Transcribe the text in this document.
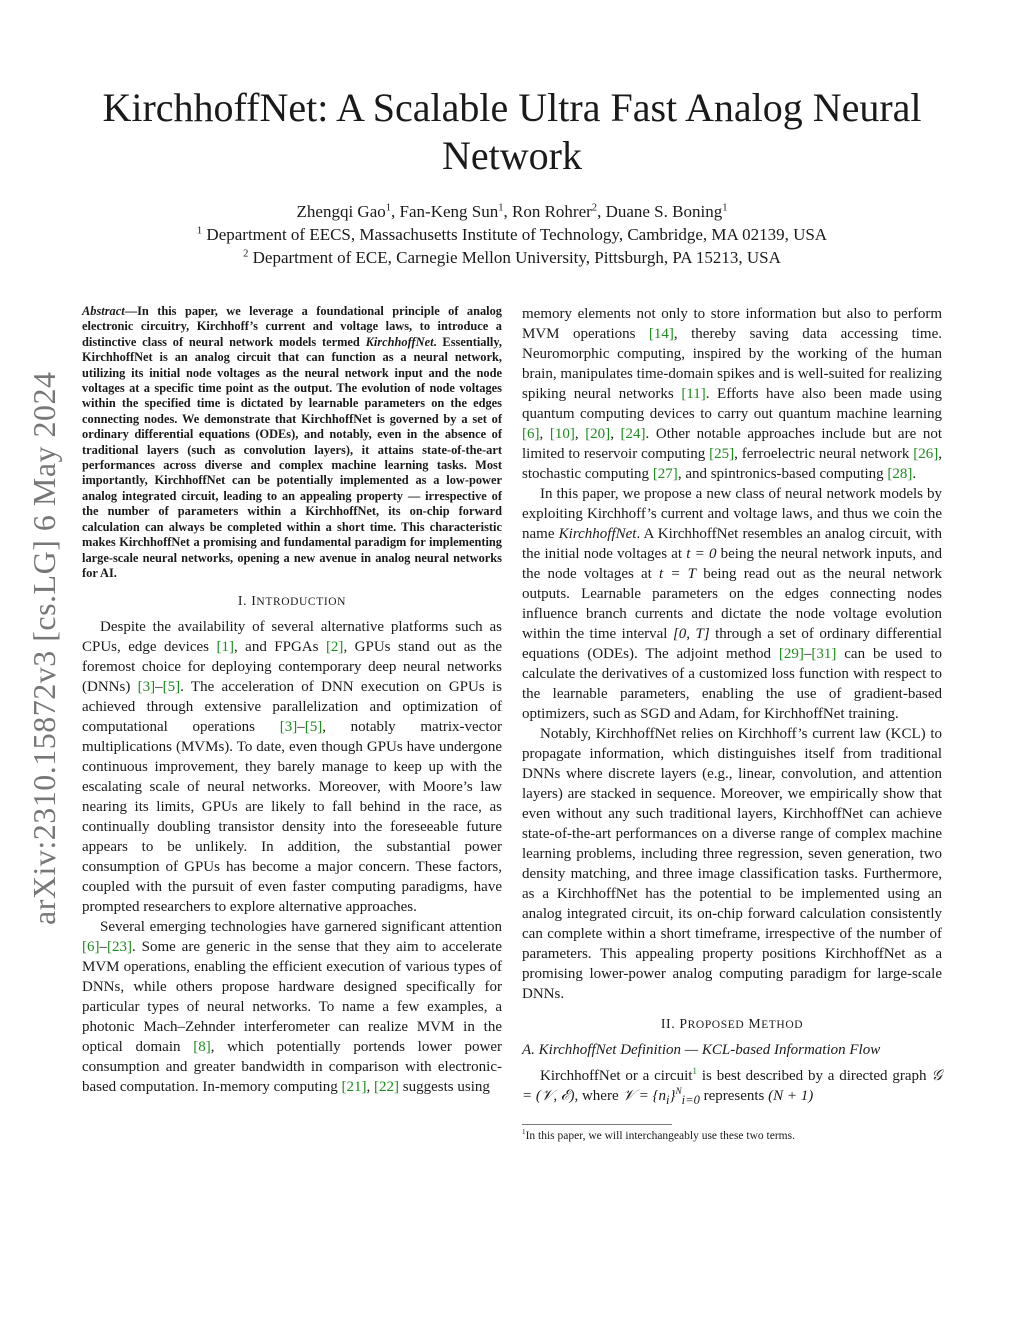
arXiv:2310.15872v3 [cs.LG] 6 May 2024
KirchhoffNet: A Scalable Ultra Fast Analog Neural Network
Zhengqi Gao$^1$, Fan-Keng Sun$^1$, Ron Rohrer$^2$, Duane S. Boning$^1$
$^1$ Department of EECS, Massachusetts Institute of Technology, Cambridge, MA 02139, USA
$^2$ Department of ECE, Carnegie Mellon University, Pittsburgh, PA 15213, USA

Abstract—In this paper, we leverage a foundational principle of analog electronic circuitry, Kirchhoff’s current and voltage laws, to introduce a distinctive class of neural network models termed KirchhoffNet. Essentially, KirchhoffNet is an analog circuit that can function as a neural network, utilizing its initial node voltages as the neural network input and the node voltages at a specific time point as the output. The evolution of node voltages within the specified time is dictated by learnable parameters on the edges connecting nodes. We demonstrate that KirchhoffNet is governed by a set of ordinary differential equations (ODEs), and notably, even in the absence of traditional layers (such as convolution layers), it attains state-of-the-art performances across diverse and complex machine learning tasks. Most importantly, KirchhoffNet can be potentially implemented as a low-power analog integrated circuit, leading to an appealing property — irrespective of the number of parameters within a KirchhoffNet, its on-chip forward calculation can always be completed within a short time. This characteristic makes KirchhoffNet a promising and fundamental paradigm for implementing large-scale neural networks, opening a new avenue in analog neural networks for AI.

I. INTRODUCTION

Despite the availability of several alternative platforms such as CPUs, edge devices [1], and FPGAs [2], GPUs stand out as the foremost choice for deploying contemporary deep neural networks (DNNs) [3]–[5]. The acceleration of DNN execution on GPUs is achieved through extensive parallelization and optimization of computational operations [3]–[5], notably matrix-vector multiplications (MVMs). To date, even though GPUs have undergone continuous improvement, they barely manage to keep up with the escalating scale of neural networks. Moreover, with Moore’s law nearing its limits, GPUs are likely to fall behind in the race, as continually doubling transistor density into the foreseeable future appears to be unlikely. In addition, the substantial power consumption of GPUs has become a major concern. These factors, coupled with the pursuit of even faster computing paradigms, have prompted researchers to explore alternative approaches.

Several emerging technologies have garnered significant attention [6]–[23]. Some are generic in the sense that they aim to accelerate MVM operations, enabling the efficient execution of various types of DNNs, while others propose hardware designed specifically for particular types of neural networks. To name a few examples, a photonic Mach–Zehnder interferometer can realize MVM in the optical domain [8], which potentially portends lower power consumption and greater bandwidth in comparison with electronic-based computation. In-memory computing [21], [22] suggests using

memory elements not only to store information but also to perform MVM operations [14], thereby saving data accessing time. Neuromorphic computing, inspired by the working of the human brain, manipulates time-domain spikes and is well-suited for realizing spiking neural networks [11]. Efforts have also been made using quantum computing devices to carry out quantum machine learning [6], [10], [20], [24]. Other notable approaches include but are not limited to reservoir computing [25], ferroelectric neural network [26], stochastic computing [27], and spintronics-based computing [28].

In this paper, we propose a new class of neural network models by exploiting Kirchhoff’s current and voltage laws, and thus we coin the name KirchhoffNet. A KirchhoffNet resembles an analog circuit, with the initial node voltages at t = 0 being the neural network inputs, and the node voltages at t = T being read out as the neural network outputs. Learnable parameters on the edges connecting nodes influence branch currents and dictate the node voltage evolution within the time interval [0, T] through a set of ordinary differential equations (ODEs). The adjoint method [29]–[31] can be used to calculate the derivatives of a customized loss function with respect to the learnable parameters, enabling the use of gradient-based optimizers, such as SGD and Adam, for KirchhoffNet training.

Notably, KirchhoffNet relies on Kirchhoff’s current law (KCL) to propagate information, which distinguishes itself from traditional DNNs where discrete layers (e.g., linear, convolution, and attention layers) are stacked in sequence. Moreover, we empirically show that even without any such traditional layers, KirchhoffNet can achieve state-of-the-art performances on a diverse range of complex machine learning problems, including three regression, seven generation, two density matching, and three image classification tasks. Furthermore, as a KirchhoffNet has the potential to be implemented using an analog integrated circuit, its on-chip forward calculation consistently can complete within a short timeframe, irrespective of the number of parameters. This appealing property positions KirchhoffNet as a promising lower-power analog computing paradigm for large-scale DNNs.

II. PROPOSED METHOD
A. KirchhoffNet Definition — KCL-based Information Flow

KirchhoffNet or a circuit$^1$ is best described by a directed graph 𝒢 = (𝒱, ℰ), where 𝒱 = $\{n_i\}^N_{i=0}$ represents (N + 1)

$^1$In this paper, we will interchangeably use these two terms.
